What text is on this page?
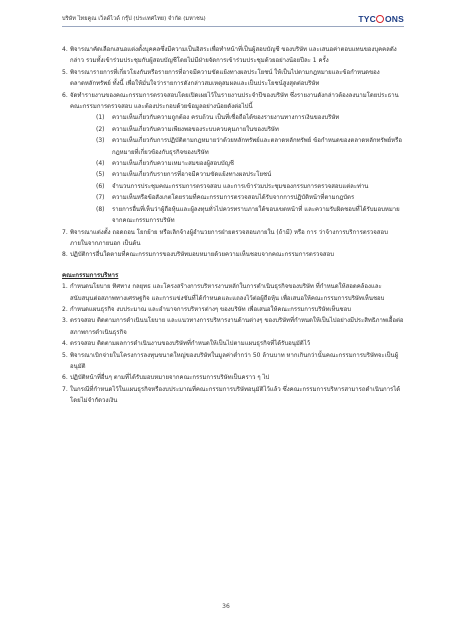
บริษัท ไทยคูณ เว็ลด์ไวด์ กรุ๊ป (ประเทศไทย) จำกัด (มหาชน)	TYC ONS
4. พิจารณาคัดเลือกเสนอแต่งตั้งบุคคลซึ่งมีความเป็นอิสระเพื่อทำหน้าที่เป็นผู้สอบบัญชี ของบริษัท และเสนอค่าตอบแทนของบุคคลดังกล่าว รวมทั้งเข้าร่วมประชุมกับผู้สอบบัญชีโดยไม่มีฝ่ายจัดการเข้าร่วมประชุมด้วยอย่างน้อยปีละ 1 ครั้ง
5. พิจารณารายการที่เกี่ยวโยงกันหรือรายการที่อาจมีความขัดแย้งทางผลประโยชน์ ให้เป็นไปตามกฎหมายและข้อกำหนดของตลาดหลักทรัพย์ ทั้งนี้ เพื่อให้มั่นใจว่ารายการดังกล่าวสมเหตุสมผลและเป็นประโยชน์สูงสุดต่อบริษัท
6. จัดทำรายงานของคณะกรรมการตรวจสอบโดยเปิดเผยไว้ในรายงานประจำปีของบริษัท ซึ่งรายงานดังกล่าวต้องลงนามโดยประธานคณะกรรมการตรวจสอบ และต้องประกอบด้วยข้อมูลอย่างน้อยดังต่อไปนี้
(1)	ความเห็นเกี่ยวกับความถูกต้อง ครบถ้วน เป็นที่เชื่อถือได้ของรายงานทางการเงินของบริษัท
(2)	ความเห็นเกี่ยวกับความเพียงพอของระบบควบคุมภายในของบริษัท
(3)	ความเห็นเกี่ยวกับการปฏิบัติตามกฎหมายว่าด้วยหลักทรัพย์และตลาดหลักทรัพย์ ข้อกำหนดของตลาดหลักทรัพย์หรือกฎหมายที่เกี่ยวข้องกับธุรกิจของบริษัท
(4)	ความเห็นเกี่ยวกับความเหมาะสมของผู้สอบบัญชี
(5)	ความเห็นเกี่ยวกับรายการที่อาจมีความขัดแย้งทางผลประโยชน์
(6)	จำนวนการประชุมคณะกรรมการตรวจสอบ และการเข้าร่วมประชุมของกรรมการตรวจสอบแต่ละท่าน
(7)	ความเห็นหรือข้อสังเกตโดยรวมที่คณะกรรมการตรวจสอบได้รับจากการปฏิบัติหน้าที่ตามกฎบัตร
(8)	รายการอื่นที่เห็นว่าผู้ถือหุ้นและผู้ลงทุนทั่วไปควรทราบภายใต้ขอบเขตหน้าที่ และความรับผิดชอบที่ได้รับมอบหมายจากคณะกรรมการบริษัท
7. พิจารณาแต่งตั้ง ถอดถอน โยกย้าย หรือเลิกจ้างผู้อำนวยการฝ่ายตรวจสอบภายใน (ถ้ามี) หรือ การ ว่าจ้างการบริการตรวจสอบภายในจากภายนอก เป็นต้น
8. ปฏิบัติการอื่นใดตามที่คณะกรรมการของบริษัทมอบหมายด้วยความเห็นชอบจากคณะกรรมการตรวจสอบ
คณะกรรมการบริหาร
1. กำหนดนโยบาย ทิศทาง กลยุทธ และโครงสร้างการบริหารงานหลักในการดำเนินธุรกิจของบริษัท ที่กำหนดให้สอดคล้องและสนับสนุนต่อสภาพทางเศรษฐกิจ และการแข่งขันที่ได้กำหนดและแถลงไว้ต่อผู้ถือหุ้น เพื่อเสนอให้คณะกรรมการบริษัทเห็นชอบ
2. กำหนดแผนธุรกิจ งบประมาณ และอำนาจการบริหารต่างๆ ของบริษัท เพื่อเสนอให้คณะกรรมการบริษัทเห็นชอบ
3. ตรวจสอบ ติดตามการดำเนินนโยบาย และแนวทางการบริหารงานด้านต่างๆ ของบริษัทที่กำหนดให้เป็นไปอย่างมีประสิทธิภาพเอื้อต่อสภาพการดำเนินธุรกิจ
4. ตรวจสอบ ติดตามผลการดำเนินงานของบริษัทที่กำหนดให้เป็นไปตามแผนธุรกิจที่ได้รับอนุมัติไว้
5. พิจารณาเบิกจ่ายในโครงการลงทุนขนาดใหญ่ของบริษัทในมูลค่าต่ำกว่า 50 ล้านบาท หากเกินกว่านั้นคณะกรรมการบริษัทจะเป็นผู้อนุมัติ
6. ปฏิบัติหน้าที่อื่นๆ ตามที่ได้รับมอบหมายจากคณะกรรมการบริษัทเป็นคราว ๆ ไป
7. ในกรณีที่กำหนดไว้ในแผนธุรกิจหรืองบประมาณที่คณะกรรมการบริษัทอนุมัติไว้แล้ว ซึ่งคณะกรรมการบริหารสามารถดำเนินการได้โดยไม่จำกัดวงเงิน
36
